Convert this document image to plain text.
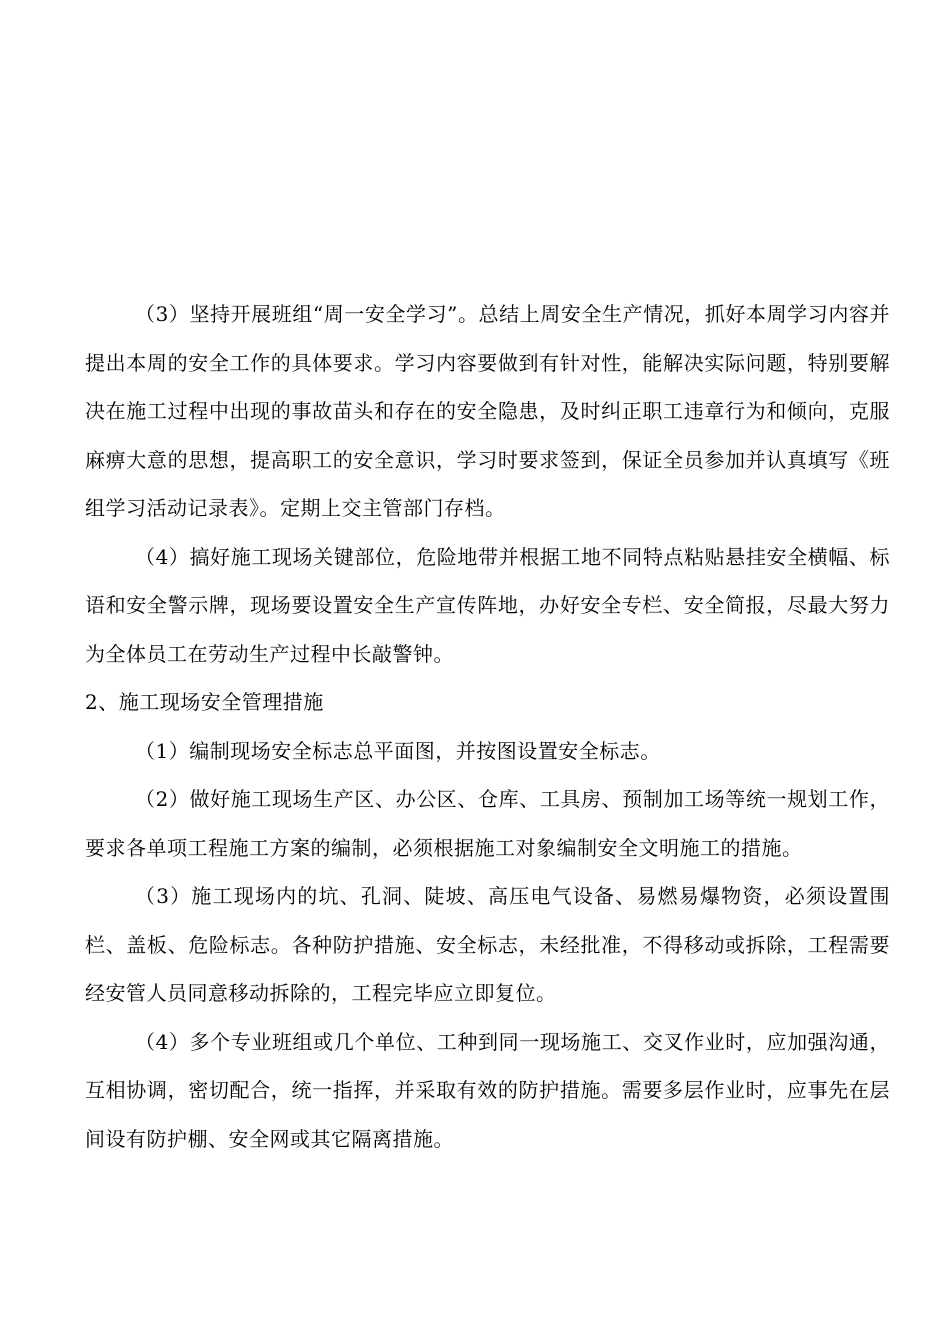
（3）坚持开展班组“周一安全学习”。总结上周安全生产情况，抓好本周学习内容并提出本周的安全工作的具体要求。学习内容要做到有针对性，能解决实际问题，特别要解决在施工过程中出现的事故苗头和存在的安全隐患，及时纠正职工违章行为和倾向，克服麻痹大意的思想，提高职工的安全意识，学习时要求签到，保证全员参加并认真填写《班组学习活动记录表》。定期上交主管部门存档。

（4）搞好施工现场关键部位，危险地带并根据工地不同特点粘贴悬挂安全横幅、标语和安全警示牌，现场要设置安全生产宣传阵地，办好安全专栏、安全简报，尽最大努力为全体员工在劳动生产过程中长敲警钟。

2、施工现场安全管理措施

（1）编制现场安全标志总平面图，并按图设置安全标志。

（2）做好施工现场生产区、办公区、仓库、工具房、预制加工场等统一规划工作，要求各单项工程施工方案的编制，必须根据施工对象编制安全文明施工的措施。

（3）施工现场内的坑、孔洞、陡坡、高压电气设备、易燃易爆物资，必须设置围栏、盖板、危险标志。各种防护措施、安全标志，未经批准，不得移动或拆除，工程需要经安管人员同意移动拆除的，工程完毕应立即复位。

（4）多个专业班组或几个单位、工种到同一现场施工、交叉作业时，应加强沟通，互相协调，密切配合，统一指挥，并采取有效的防护措施。需要多层作业时，应事先在层间设有防护棚、安全网或其它隔离措施。
